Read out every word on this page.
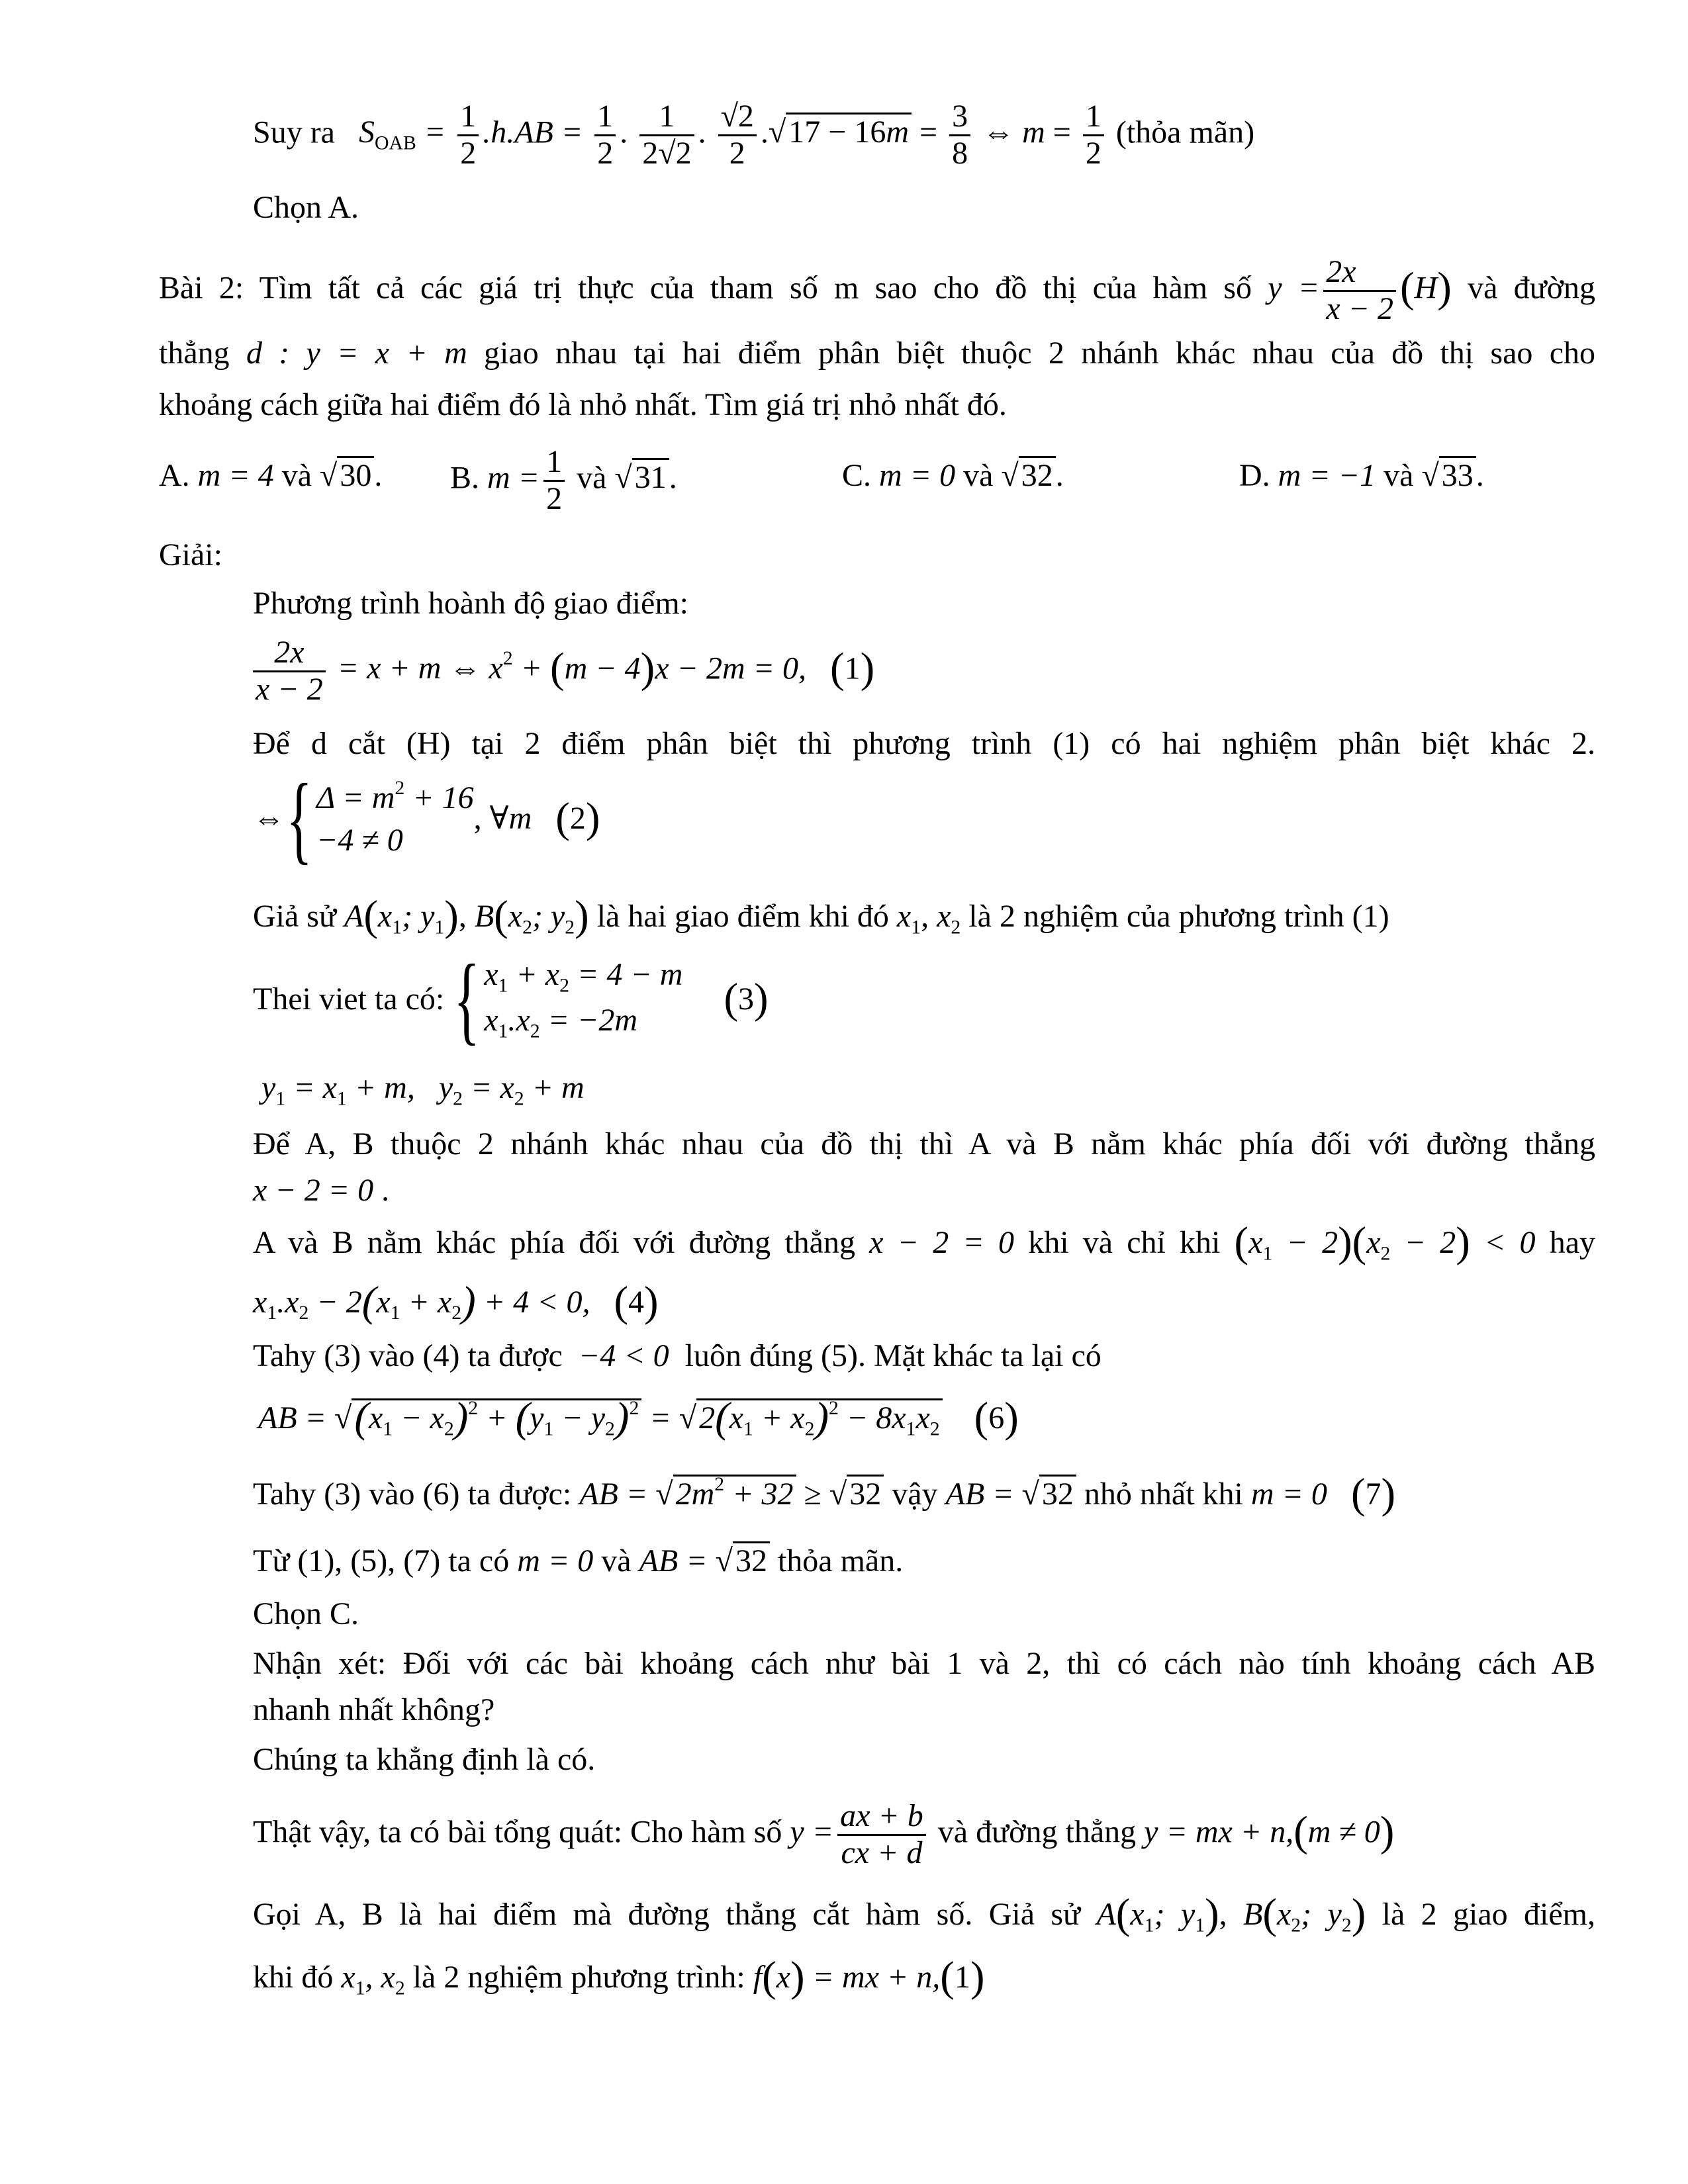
Suy ra   $S_{OAB} = \frac{1}{2} .h.AB = \frac{1}{2}$ . $\frac{1}{2√2}$ . $\frac{√2}{2} .√17 - 16m = \frac{3}{8}$ ⇔ $m = \frac{1}{2}$ (thỏa mãn)
Chọn A.
Bài 2: Tìm tất cả các giá trị thực của tham số m sao cho đồ thị của hàm số $y = \frac{2x}{x - 2} (H)$ và đường
thẳng d : y = x + m giao nhau tại hai điểm phân biệt thuộc 2 nhánh khác nhau của đồ thị sao cho
khoảng cách giữa hai điểm đó là nhỏ nhất. Tìm giá trị nhỏ nhất đó.
A. m = 4 và √30. B. $m = \frac{1}{2}$ và √31.	C. m = 0 và √32.	D. m = −1 và √33.
Giải:
Phương trình hoành độ giao điểm:
$\frac{2x}{x - 2} = x + m$ ⇔ $x^2 + (m - 4)x - 2m = 0$, (1)
Để d cắt (H) tại 2 điểm phân biệt thì phương trình (1) có hai nghiệm phân biệt khác 2.
⇔{ $\Delta = m^2 + 16$
−4 ≠ 0
, ∀m (2)
Giả sử $A(x_1$; $y_1$), $B(x_2$; $y_2$) là hai giao điểm khi đó $x_1$, $x_2$ là 2 nghiệm của phương trình (1)
Thei viet ta có: { $x_1 + x_2 = 4 - m$
$x_1.x_2 = -2m$	(3)
$y_1 = x_1 + m$,   $y_2 = x_2 + m$
Để A, B thuộc 2 nhánh khác nhau của đồ thị thì A và B nằm khác phía đối với đường thẳng
x − 2 = 0 .
A và B nằm khác phía đối với đường thẳng x − 2 = 0 khi và chỉ khi $(x_1 - 2)(x_2 - 2) < 0$ hay
$x_1.x_2 - 2(x_1 + x_2) + 4 < 0$,   (4)
Tahy (3) vào (4) ta được −4 < 0 luôn đúng (5). Mặt khác ta lại có
AB = $√(x_1 - x_2)^2 + (y_1 - y_2)^2 = √2(x_1 + x_2)^2 - 8x_1x_2$ (6)
Tahy (3) vào (6) ta được: AB = $√2m^2 + 32 \ge √32$ vậy AB = √32 nhỏ nhất khi m = 0 (7)
Từ (1), (5), (7) ta có m = 0 và AB = √32 thỏa mãn.
Chọn C.
Nhận xét: Đối với các bài khoảng cách như bài 1 và 2, thì có cách nào tính khoảng cách AB
nhanh nhất không?
Chúng ta khẳng định là có.
Thật vậy, ta có bài tổng quát: Cho hàm số $y = \frac{ax + b}{cx + d}$ và đường thẳng y = mx + n,(m ≠ 0)
Gọi A, B là hai điểm mà đường thẳng cắt hàm số. Giả sử $A(x_1$; $y_1$), $B(x_2$; $y_2$) là 2 giao điểm,
khi đó $x_1$, $x_2$ là 2 nghiệm phương trình: f(x) = mx + n,(1)
